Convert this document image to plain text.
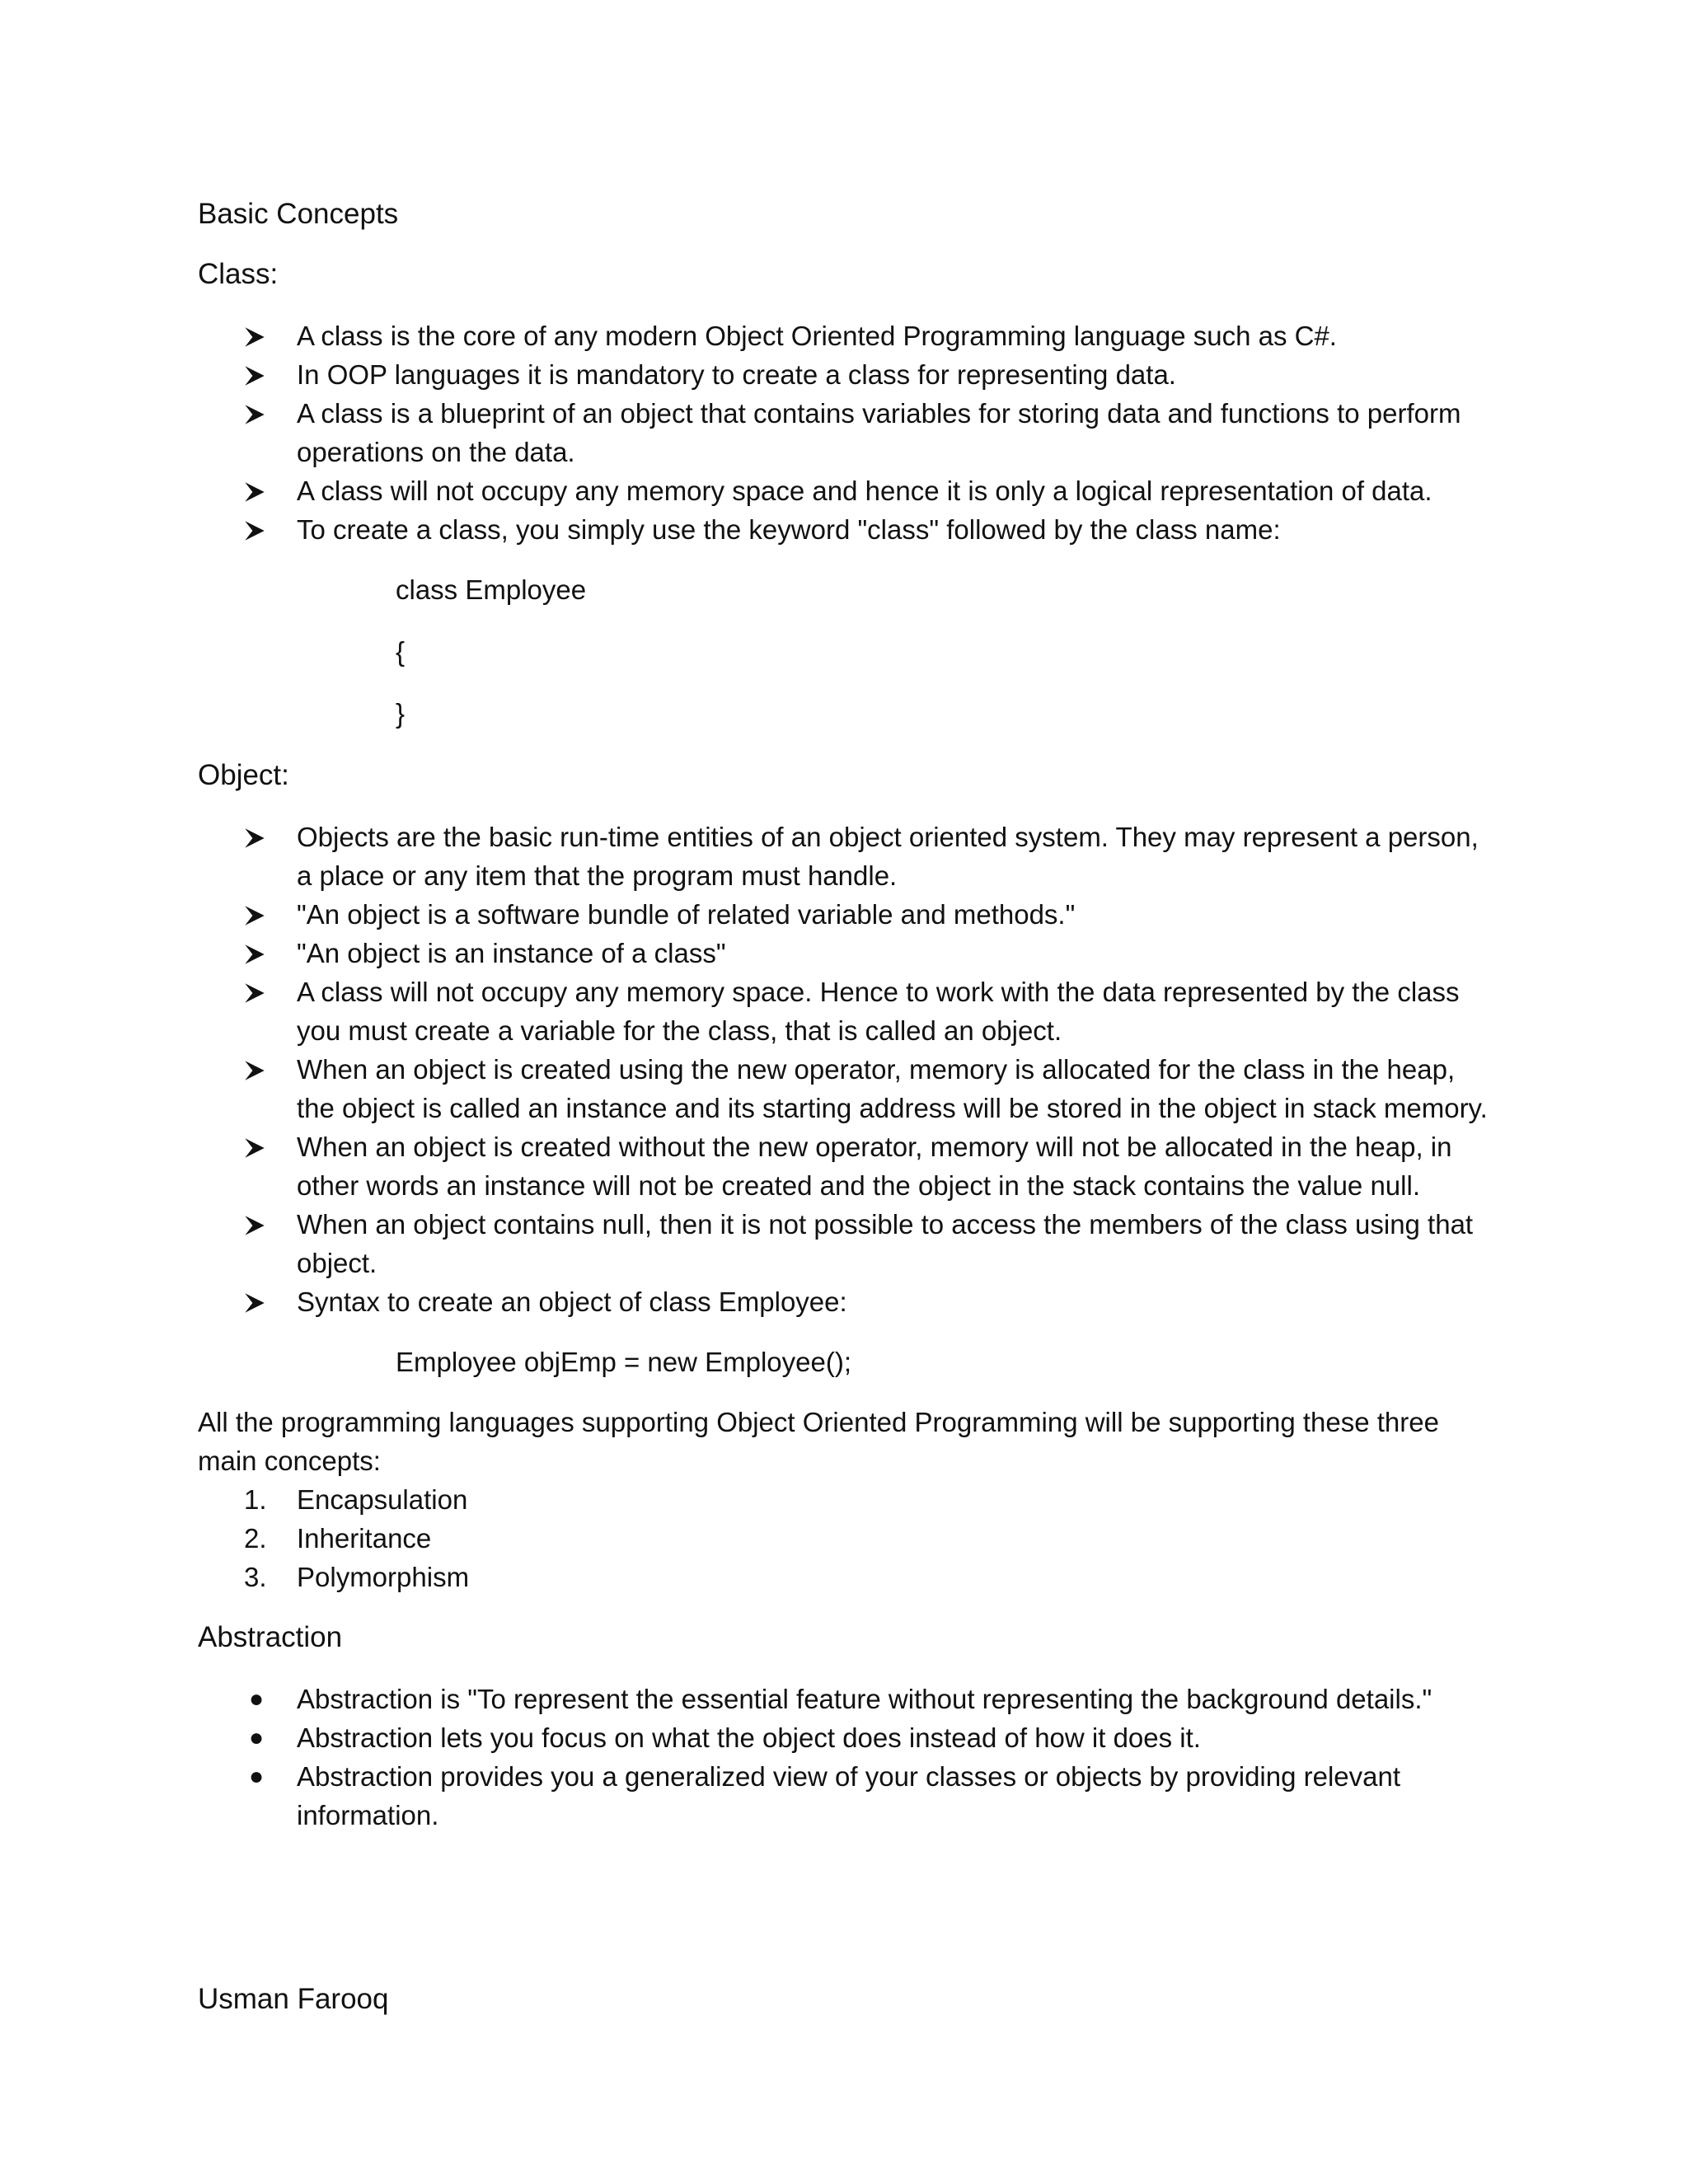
Basic Concepts

Class:

A class is the core of any modern Object Oriented Programming language such as C#.
In OOP languages it is mandatory to create a class for representing data.
A class is a blueprint of an object that contains variables for storing data and functions to perform operations on the data.
A class will not occupy any memory space and hence it is only a logical representation of data.
To create a class, you simply use the keyword "class" followed by the class name:

class Employee

{

}

Object:

Objects are the basic run-time entities of an object oriented system. They may represent a person, a place or any item that the program must handle.
"An object is a software bundle of related variable and methods."
"An object is an instance of a class"
A class will not occupy any memory space. Hence to work with the data represented by the class you must create a variable for the class, that is called an object.
When an object is created using the new operator, memory is allocated for the class in the heap, the object is called an instance and its starting address will be stored in the object in stack memory.
When an object is created without the new operator, memory will not be allocated in the heap, in other words an instance will not be created and the object in the stack contains the value null.
When an object contains null, then it is not possible to access the members of the class using that object.
Syntax to create an object of class Employee:

Employee objEmp = new Employee();

All the programming languages supporting Object Oriented Programming will be supporting these three main concepts:

1. Encapsulation
2. Inheritance
3. Polymorphism

Abstraction

● Abstraction is "To represent the essential feature without representing the background details."
● Abstraction lets you focus on what the object does instead of how it does it.
● Abstraction provides you a generalized view of your classes or objects by providing relevant information.
Usman Farooq
